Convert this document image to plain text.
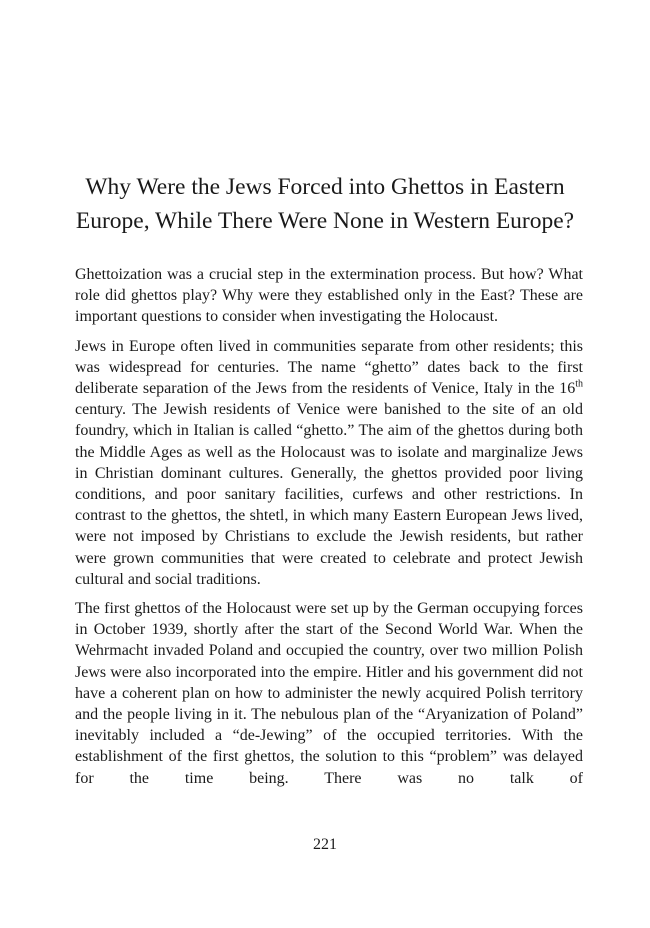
Why Were the Jews Forced into Ghettos in Eastern
Europe, While There Were None in Western Europe?

Ghettoization was a crucial step in the extermination process. But how? What role did ghettos play? Why were they established only in the East? These are important questions to consider when investigating the Holocaust.

Jews in Europe often lived in communities separate from other residents; this was widespread for centuries. The name “ghetto” dates back to the first deliberate separation of the Jews from the residents of Venice, Italy in the 16th century. The Jewish residents of Venice were banished to the site of an old foundry, which in Italian is called “ghetto.” The aim of the ghettos during both the Middle Ages as well as the Holocaust was to isolate and marginalize Jews in Christian dominant cultures. Generally, the ghettos provided poor living conditions, and poor sanitary facilities, curfews and other restrictions. In contrast to the ghettos, the shtetl, in which many Eastern European Jews lived, were not imposed by Christians to exclude the Jewish residents, but rather were grown communities that were created to celebrate and protect Jewish cultural and social traditions.

The first ghettos of the Holocaust were set up by the German occupying forces in October 1939, shortly after the start of the Second World War. When the Wehrmacht invaded Poland and occupied the country, over two million Polish Jews were also incorporated into the empire. Hitler and his government did not have a coherent plan on how to administer the newly acquired Polish territory and the people living in it. The nebulous plan of the “Aryanization of Poland” inevitably included a “de-Jewing” of the occupied territories. With the establishment of the first ghettos, the solution to this “problem” was delayed for the time being. There was no talk of

221
